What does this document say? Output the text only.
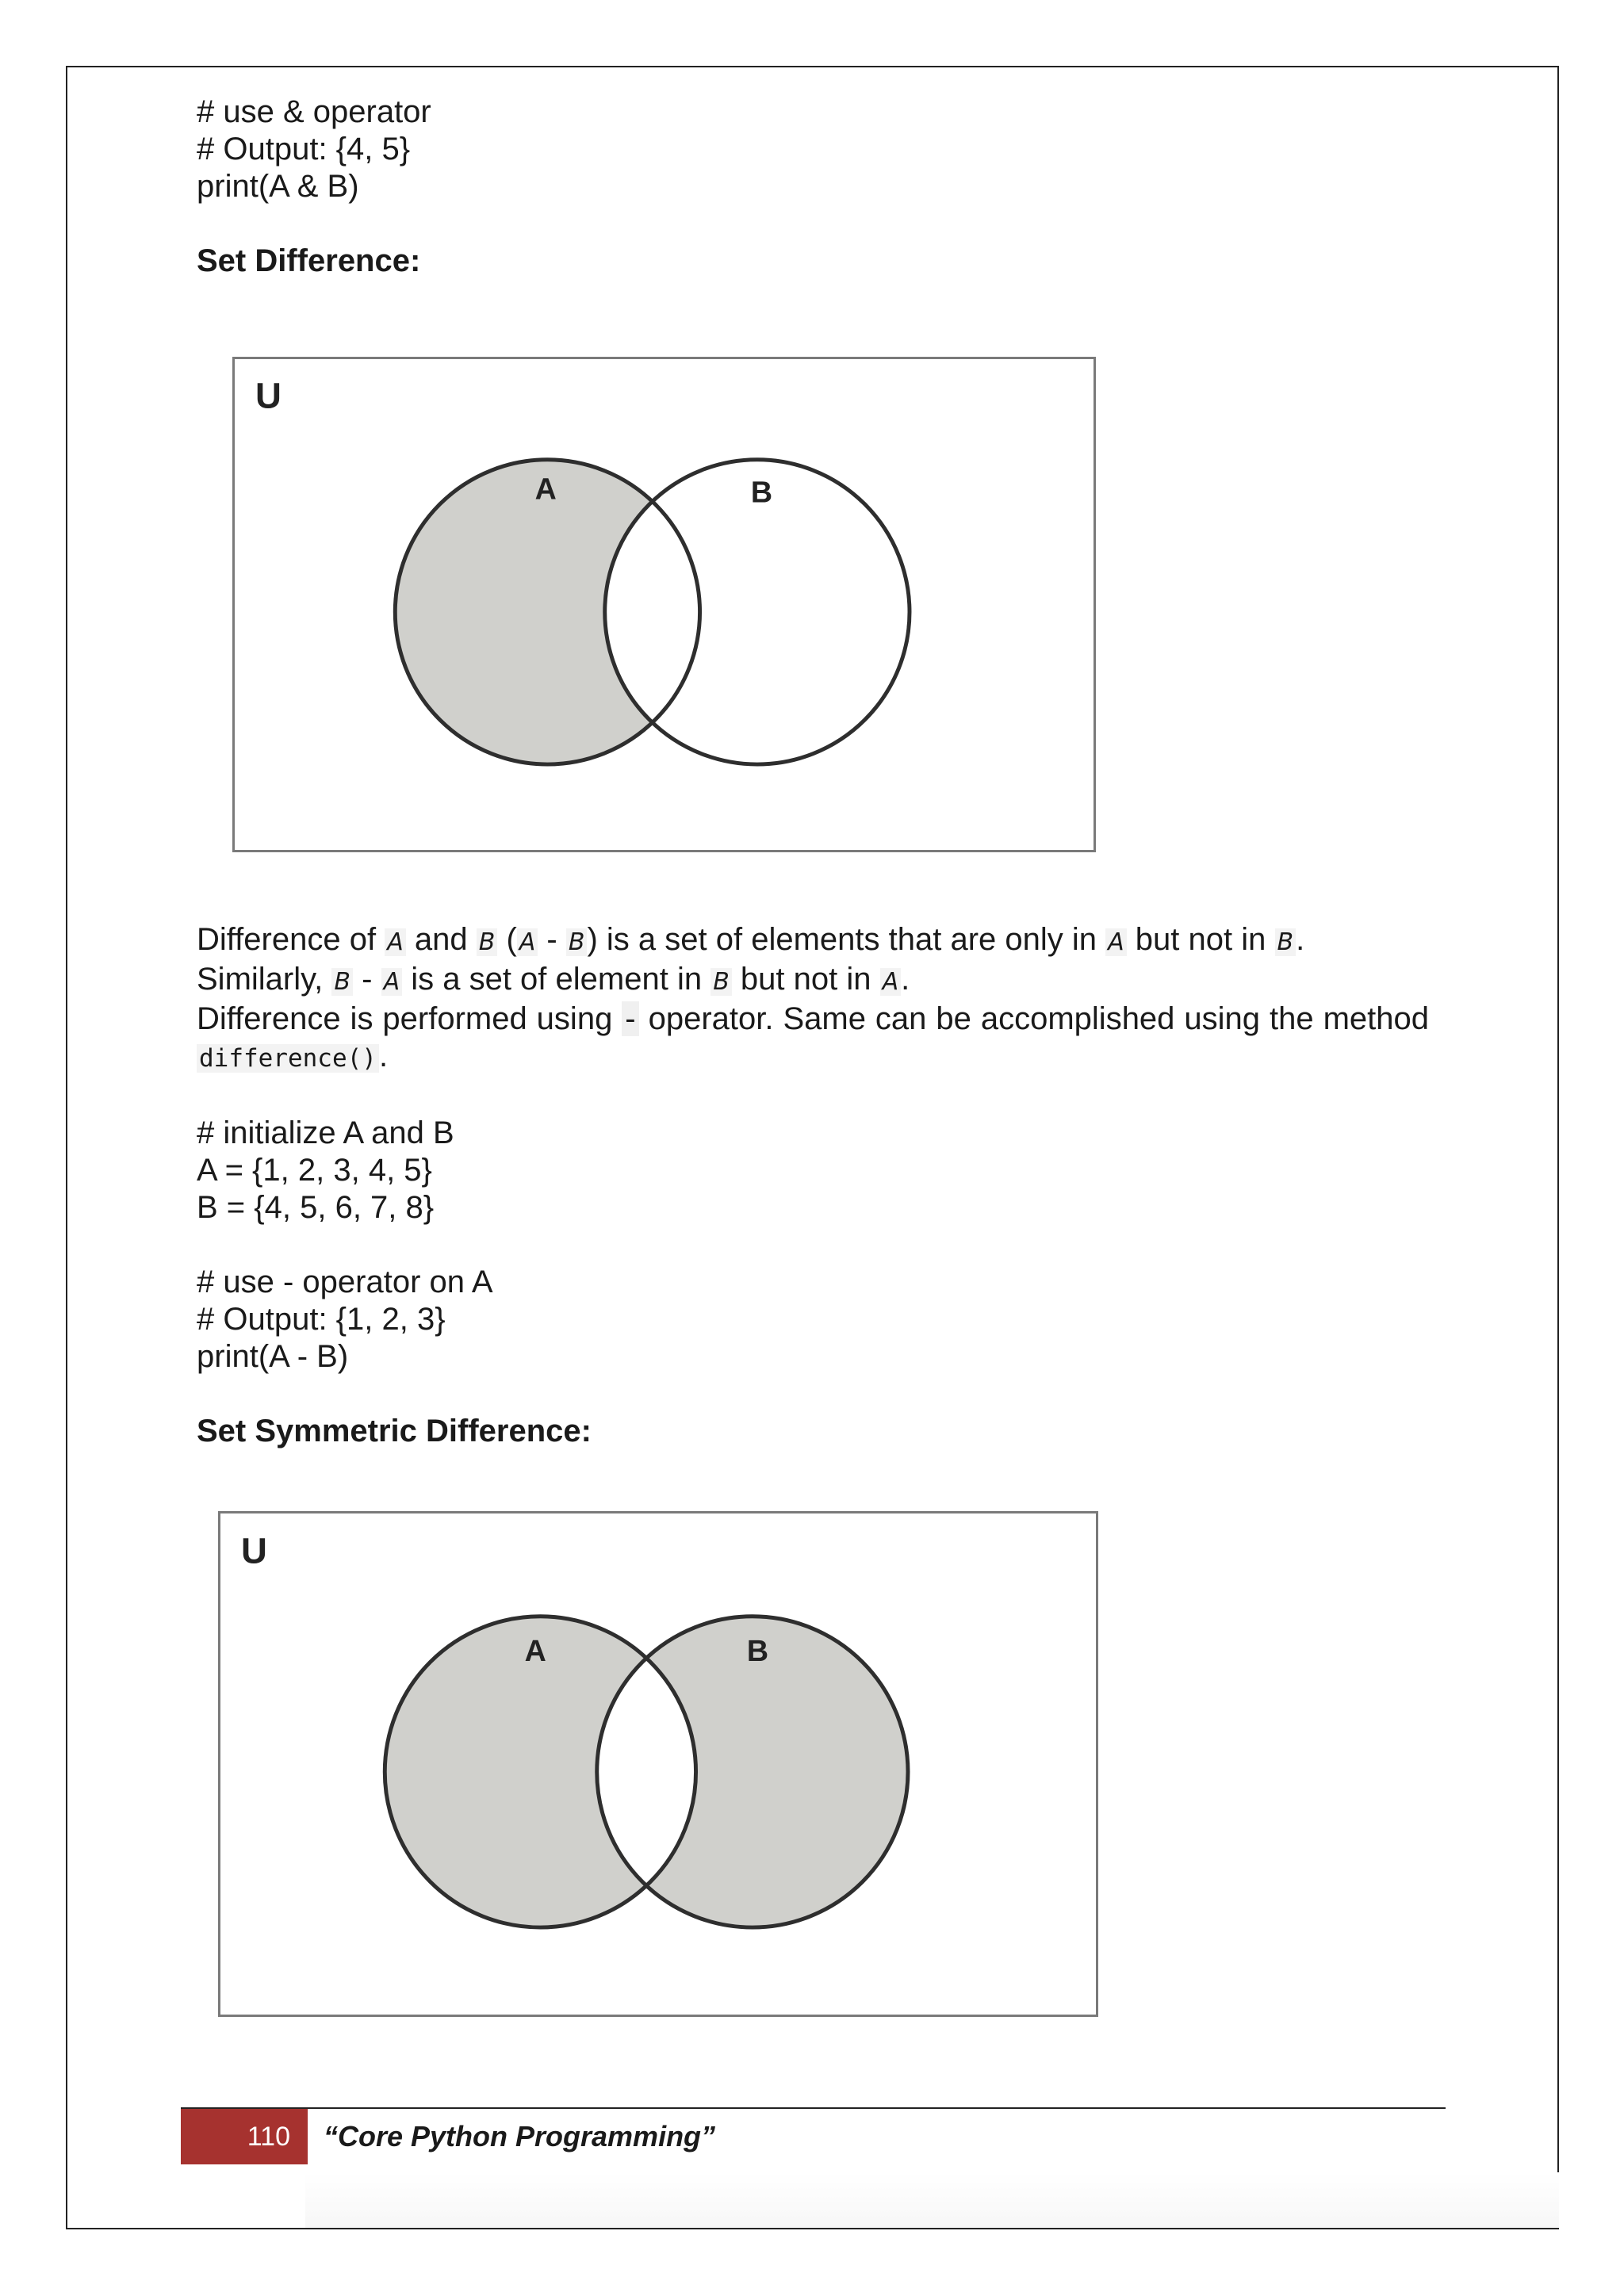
# use & operator

# Output: {4, 5}

print(A & B)

Set Difference:

U
A	B

Difference of A and B ( A - B) is a set of elements that are only in A but not in B.

Similarly, B - A is a set of element in B but not in A.

Difference is performed using - operator. Same can be accomplished using the method difference().

# initialize A and B

A = {1, 2, 3, 4, 5}

B = {4, 5, 6, 7, 8}

# use - operator on A

# Output: {1, 2, 3}

print(A - B)

Set Symmetric Difference:

U
A	B
110	“Core Python Programming”
